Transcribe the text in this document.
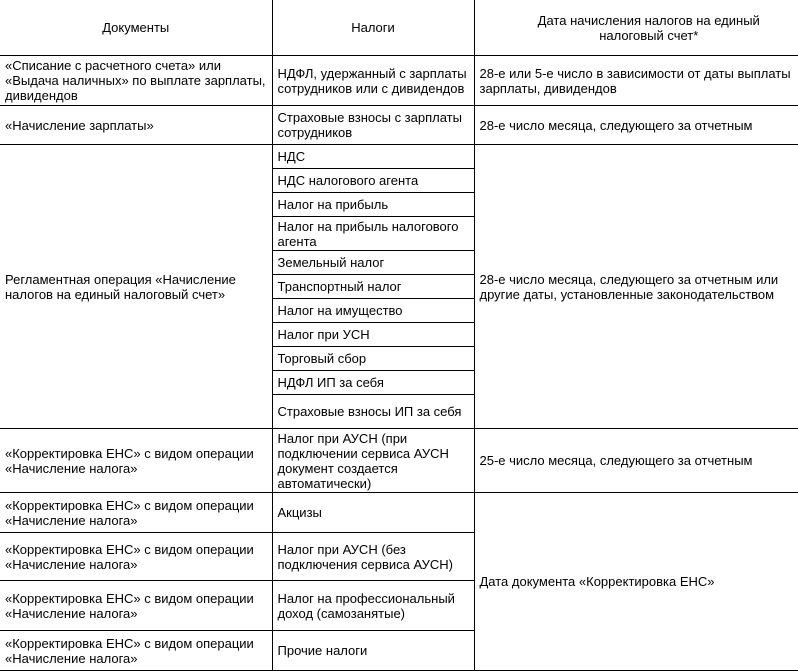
Документы	Налоги	Дата начисления налогов на единый налоговый счет*

«Списание с расчетного счета» или «Выдача наличных» по выплате зарплаты, дивидендов	НДФЛ, удержанный с зарплаты сотрудников или с дивидендов	28-е или 5-е число в зависимости от даты выплаты зарплаты, дивидендов

«Начисление зарплаты»	Страховые взносы с зарплаты сотрудников	28-е число месяца, следующего за отчетным

Регламентная операция «Начисление налогов на единый налоговый счет»	НДС	28-е число месяца, следующего за отчетным или другие даты, установленные законодательством

	НДС налогового агента	

	Налог на прибыль	

	Налог на прибыль налогового агента	

	Земельный налог	

	Транспортный налог	

	Налог на имущество	

	Налог при УСН	

	Торговый сбор	

	НДФЛ ИП за себя	

	Страховые взносы ИП за себя	

«Корректировка ЕНС» с видом операции «Начисление налога»	Налог при АУСН (при подключении сервиса АУСН документ создается автоматически)	25-е число месяца, следующего за отчетным

«Корректировка ЕНС» с видом операции «Начисление налога»	Акцизы	Дата документа «Корректировка ЕНС»

«Корректировка ЕНС» с видом операции «Начисление налога»	Налог при АУСН (без подключения сервиса АУСН)	

«Корректировка ЕНС» с видом операции «Начисление налога»	Налог на профессиональный доход (самозанятые)	

«Корректировка ЕНС» с видом операции «Начисление налога»	Прочие налоги	
